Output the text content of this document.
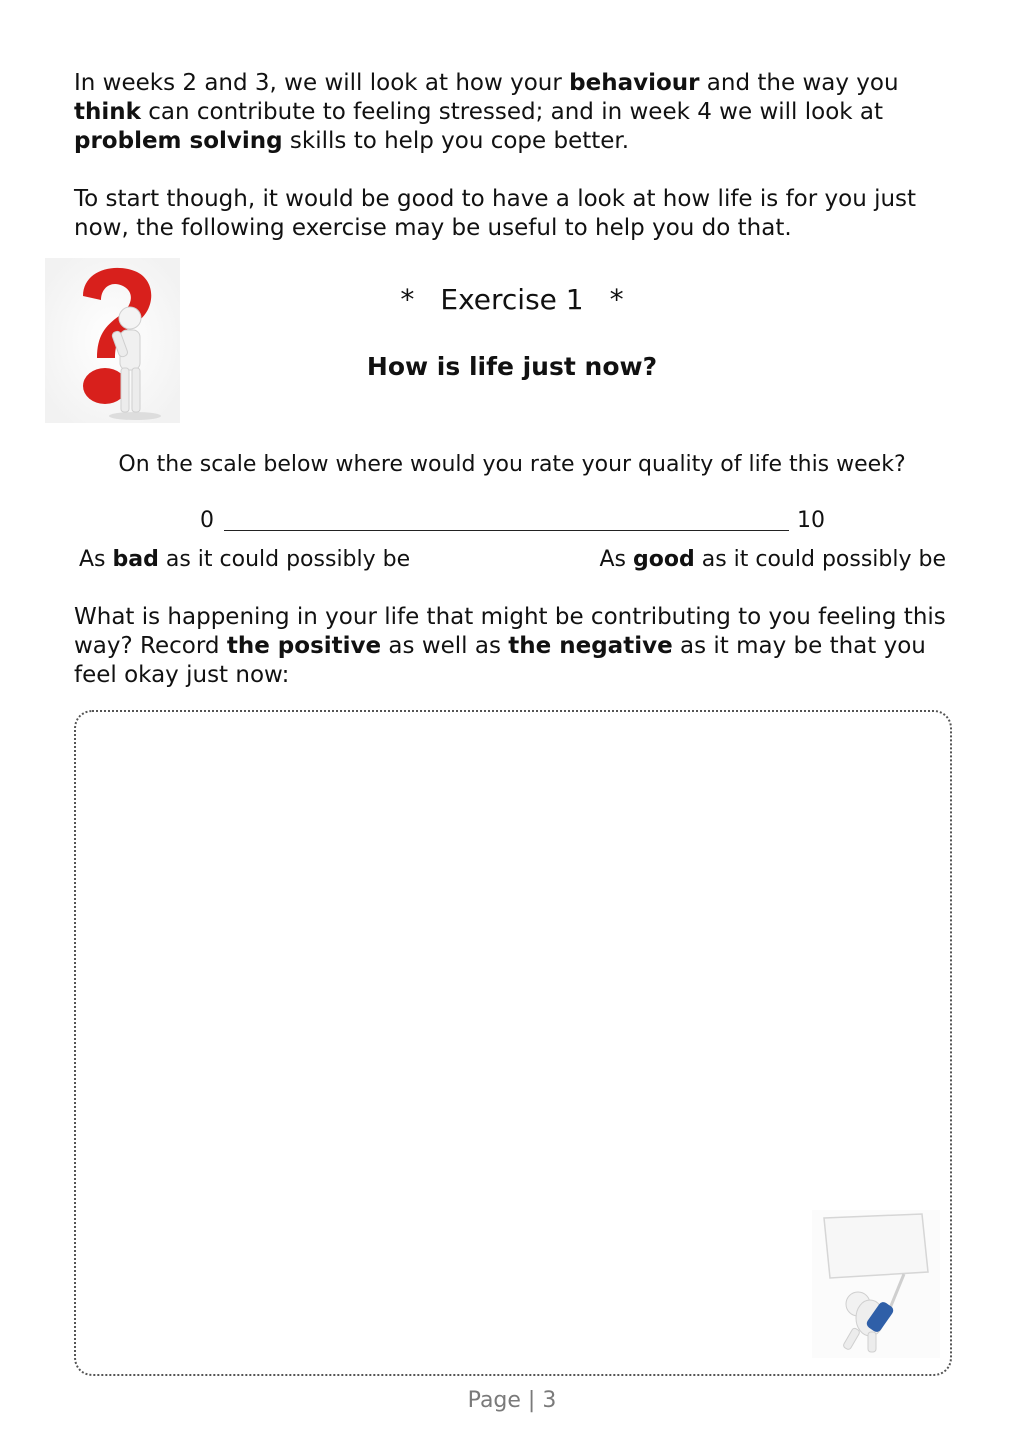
In weeks 2 and 3, we will look at how your behaviour and the way you think can contribute to feeling stressed; and in week 4 we will look at problem solving skills to help you cope better.

To start though, it would be good to have a look at how life is for you just now, the following exercise may be useful to help you do that.

* Exercise 1 *
How is life just now?
On the scale below where would you rate your quality of life this week?
0	10
As bad as it could possibly be	As good as it could possibly be

What is happening in your life that might be contributing to you feeling this way? Record the positive as well as the negative as it may be that you feel okay just now:

Page | 3
